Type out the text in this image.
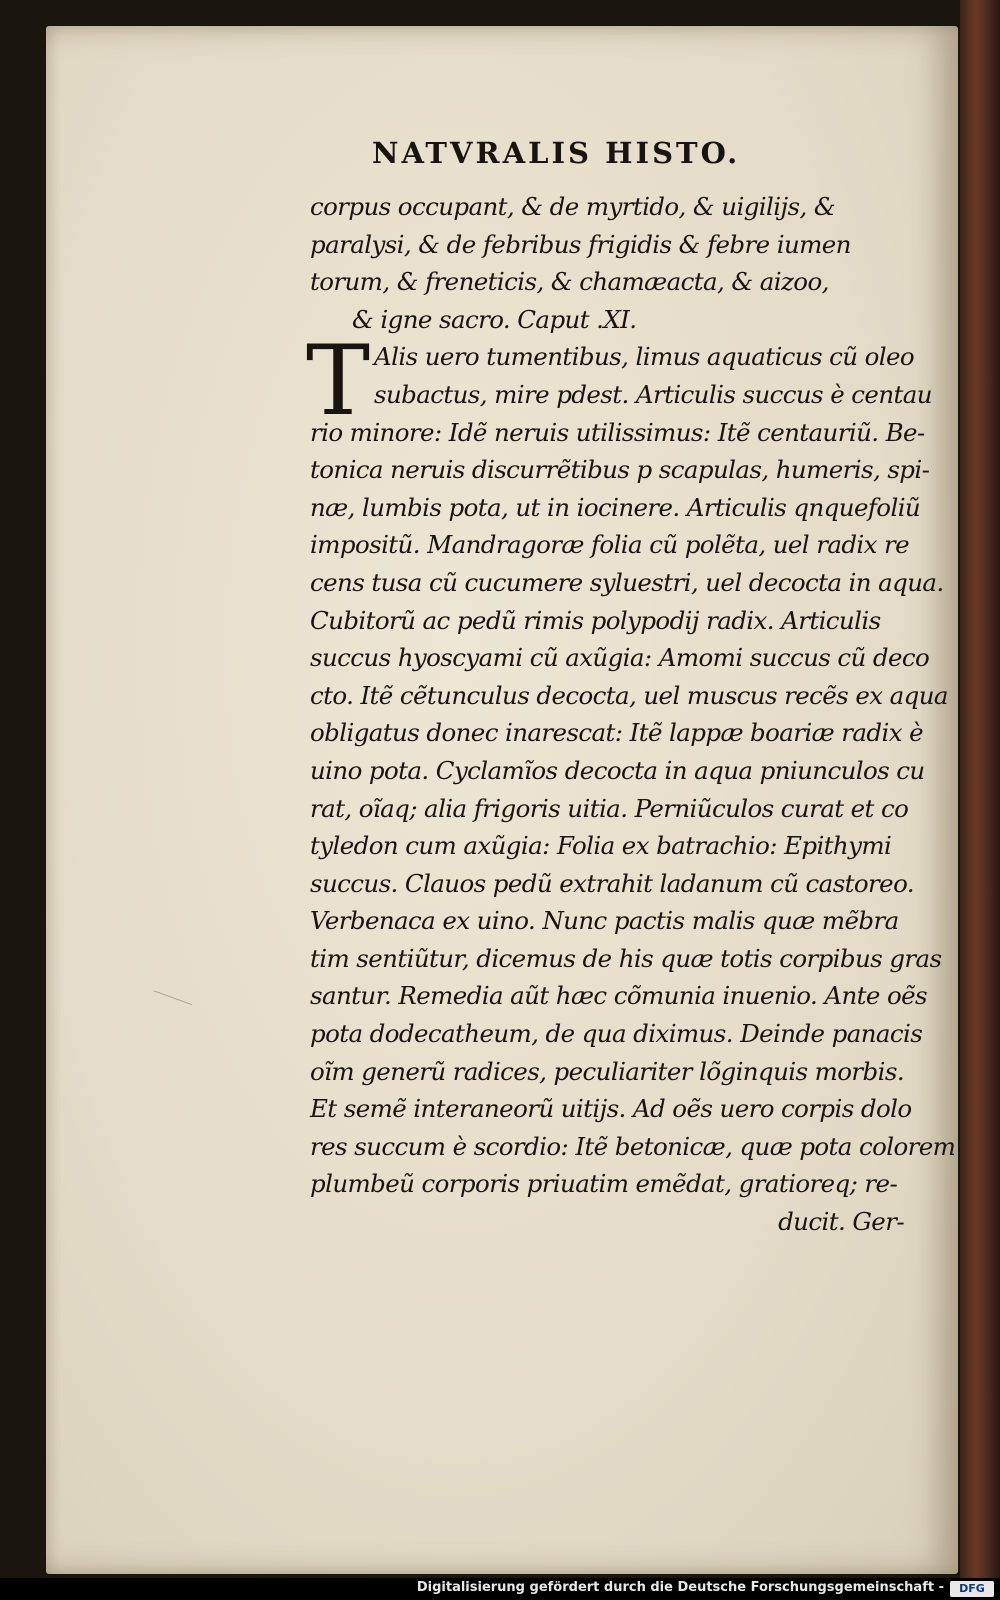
NATVRALIS HISTO.
⸻
T
corpus occupant, & de myrtido, & uigilijs, &
paralysi, & de febribus frigidis & febre iumen
torum, & freneticis, & chamæacta, & aizoo,
& igne sacro. Caput .XI.
Alis uero tumentibus, limus aquaticus cũ oleo
subactus, mire pdest. Articulis succus è centau
rio minore: Idẽ neruis utilissimus: Itẽ centauriũ. Be-
tonica neruis discurrẽtibus p scapulas, humeris, spi-
næ, lumbis pota, ut in iocinere. Articulis qnquefoliũ
impositũ. Mandragoræ folia cũ polẽta, uel radix re
cens tusa cũ cucumere syluestri, uel decocta in aqua.
Cubitorũ ac pedũ rimis polypodij radix. Articulis
succus hyoscyami cũ axũgia: Amomi succus cũ deco
cto. Itẽ cẽtunculus decocta, uel muscus recẽs ex aqua
obligatus donec inarescat: Itẽ lappæ boariæ radix è
uino pota. Cyclamĩos decocta in aqua pniunculos cu
rat, oĩaq; alia frigoris uitia. Perniũculos curat et co
tyledon cum axũgia: Folia ex batrachio: Epithymi
succus. Clauos pedũ extrahit ladanum cũ castoreo.
Verbenaca ex uino. Nunc pactis malis quæ mẽbra
tim sentiũtur, dicemus de his quæ totis corpibus gras
santur. Remedia aũt hæc cõmunia inuenio. Ante oẽs
pota dodecatheum, de qua diximus. Deinde panacis
oĩm generũ radices, peculiariter lõginquis morbis.
Et semẽ interaneorũ uitijs. Ad oẽs uero corpis dolo
res succum è scordio: Itẽ betonicæ, quæ pota colorem
plumbeũ corporis priuatim emẽdat, gratioreq; re-
ducit. Ger-
Digitalisierung gefördert durch die Deutsche Forschungsgemeinschaft -	DFG
